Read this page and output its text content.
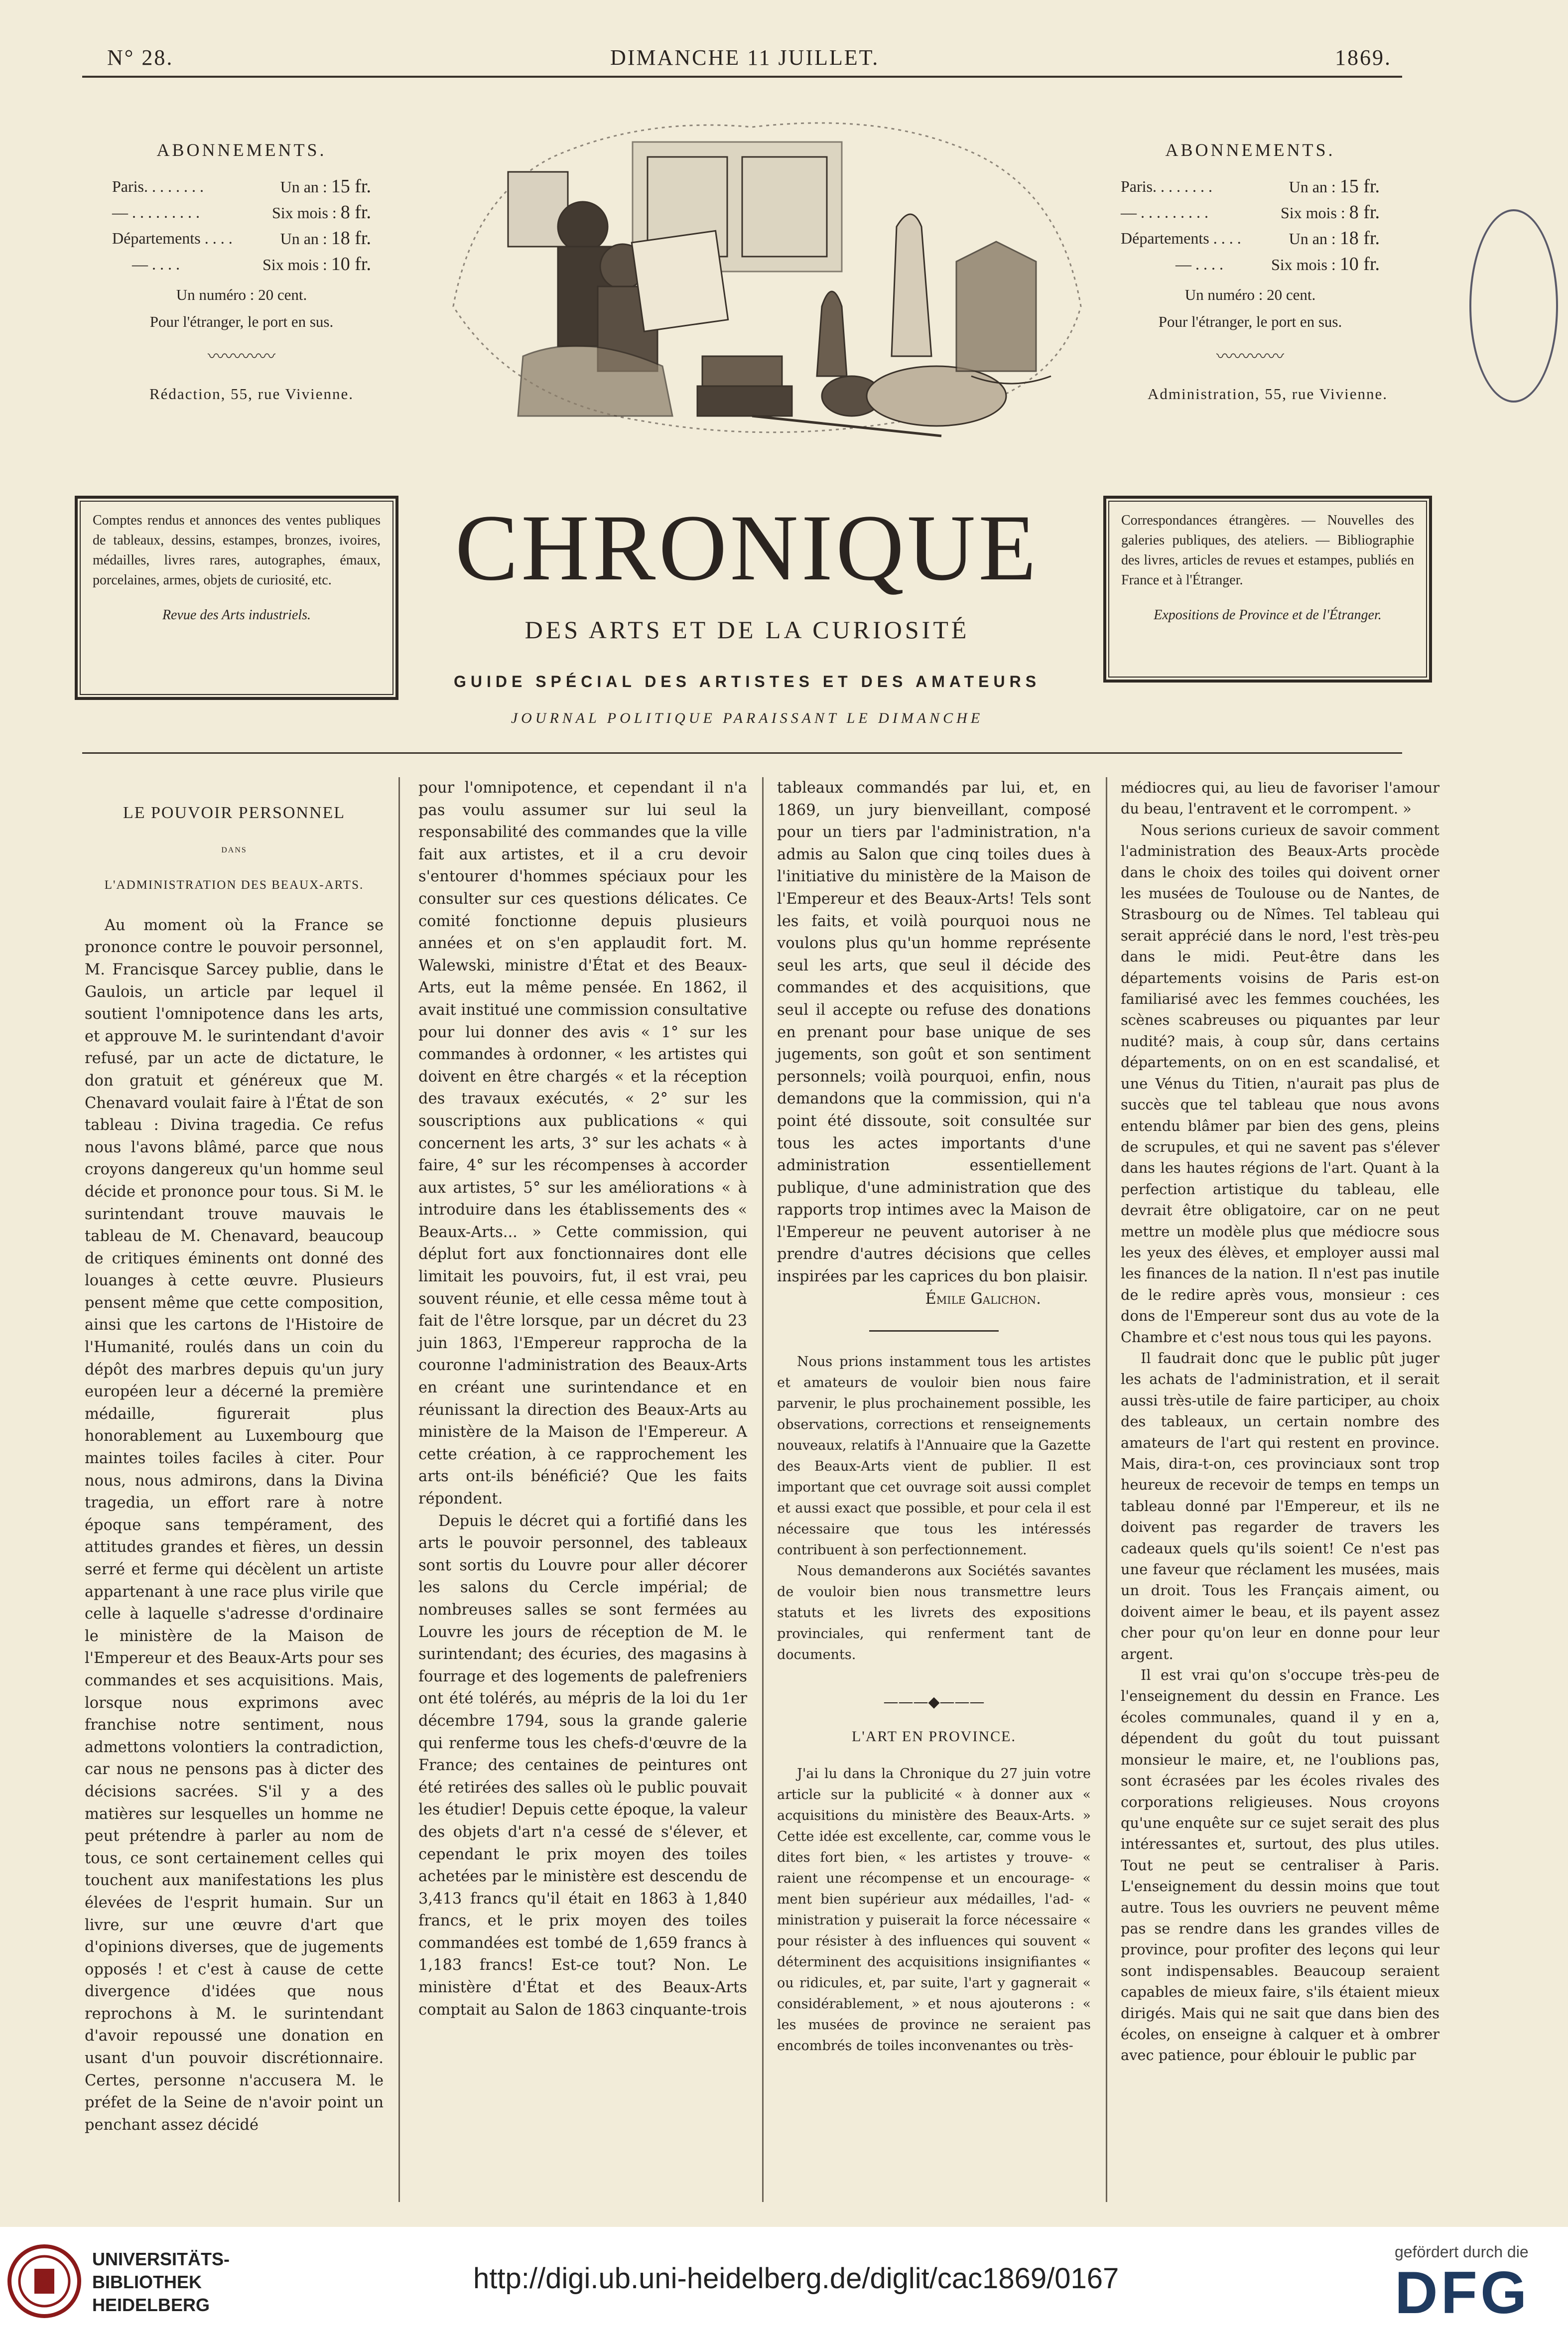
N° 28.	DIMANCHE 11 JUILLET.	1869.
ABONNEMENTS.
Paris. . . . . . . .	Un an : 15 fr.
— . . . . . . . . .	Six mois : 8 fr.
Départements . . . .	Un an : 18 fr.
— . . . .	Six mois : 10 fr.
Un numéro : 20 cent.
Pour l'étranger, le port en sus.
〰〰〰〰
Rédaction, 55, rue Vivienne.
ABONNEMENTS.
Paris. . . . . . . .	Un an : 15 fr.
— . . . . . . . . .	Six mois : 8 fr.
Départements . . . .	Un an : 18 fr.
— . . . .	Six mois : 10 fr.
Un numéro : 20 cent.
Pour l'étranger, le port en sus.
〰〰〰〰
Administration, 55, rue Vivienne.
Comptes rendus et annonces des ventes publiques de tableaux, dessins, estampes, bronzes, ivoires, médailles, livres rares, autographes, émaux, porcelaines, armes, objets de curiosité, etc.
Revue des Arts industriels.
Correspondances étrangères. — Nouvelles des galeries publiques, des ateliers. — Bibliographie des livres, articles de revues et estampes, publiés en France et à l'Étranger.
Expositions de Province et de l'Étranger.
CHRONIQUE
DES ARTS ET DE LA CURIOSITÉ
GUIDE SPÉCIAL DES ARTISTES ET DES AMATEURS
JOURNAL POLITIQUE PARAISSANT LE DIMANCHE

LE POUVOIR PERSONNEL

DANS

L'ADMINISTRATION DES BEAUX-ARTS.

Au moment où la France se prononce contre le pouvoir personnel, M. Francisque Sarcey publie, dans le Gaulois, un article par lequel il soutient l'omnipotence dans les arts, et approuve M. le surintendant d'avoir refusé, par un acte de dictature, le don gratuit et généreux que M. Chenavard voulait faire à l'État de son tableau : Divina tragedia. Ce refus nous l'avons blâmé, parce que nous croyons dangereux qu'un homme seul décide et prononce pour tous. Si M. le surintendant trouve mauvais le tableau de M. Chenavard, beaucoup de critiques éminents ont donné des louanges à cette œuvre. Plusieurs pensent même que cette composition, ainsi que les cartons de l'Histoire de l'Humanité, roulés dans un coin du dépôt des marbres depuis qu'un jury européen leur a décerné la première médaille, figurerait plus honorablement au Luxembourg que maintes toiles faciles à citer. Pour nous, nous admirons, dans la Divina tragedia, un effort rare à notre époque sans tempérament, des attitudes grandes et fières, un dessin serré et ferme qui décèlent un artiste appartenant à une race plus virile que celle à laquelle s'adresse d'ordinaire le ministère de la Maison de l'Empereur et des Beaux-Arts pour ses commandes et ses acquisitions. Mais, lorsque nous exprimons avec franchise notre sentiment, nous admettons volontiers la contradiction, car nous ne pensons pas à dicter des décisions sacrées. S'il y a des matières sur lesquelles un homme ne peut prétendre à parler au nom de tous, ce sont certainement celles qui touchent aux manifestations les plus élevées de l'esprit humain. Sur un livre, sur une œuvre d'art que d'opinions diverses, que de jugements opposés ! et c'est à cause de cette divergence d'idées que nous reprochons à M. le surintendant d'avoir repoussé une donation en usant d'un pouvoir discrétionnaire. Certes, personne n'accusera M. le préfet de la Seine de n'avoir point un penchant assez décidé

pour l'omnipotence, et cependant il n'a pas voulu assumer sur lui seul la responsabilité des commandes que la ville fait aux artistes, et il a cru devoir s'entourer d'hommes spéciaux pour les consulter sur ces questions délicates. Ce comité fonctionne depuis plusieurs années et on s'en applaudit fort. M. Walewski, ministre d'État et des Beaux-Arts, eut la même pensée. En 1862, il avait institué une commission consultative pour lui donner des avis « 1° sur les commandes à ordonner, « les artistes qui doivent en être chargés « et la réception des travaux exécutés, « 2° sur les souscriptions aux publications « qui concernent les arts, 3° sur les achats « à faire, 4° sur les récompenses à accorder aux artistes, 5° sur les améliorations « à introduire dans les établissements des « Beaux-Arts... » Cette commission, qui déplut fort aux fonctionnaires dont elle limitait les pouvoirs, fut, il est vrai, peu souvent réunie, et elle cessa même tout à fait de l'être lorsque, par un décret du 23 juin 1863, l'Empereur rapprocha de la couronne l'administration des Beaux-Arts en créant une surintendance et en réunissant la direction des Beaux-Arts au ministère de la Maison de l'Empereur. A cette création, à ce rapprochement les arts ont-ils bénéficié? Que les faits répondent.

Depuis le décret qui a fortifié dans les arts le pouvoir personnel, des tableaux sont sortis du Louvre pour aller décorer les salons du Cercle impérial; de nombreuses salles se sont fermées au Louvre les jours de réception de M. le surintendant; des écuries, des magasins à fourrage et des logements de palefreniers ont été tolérés, au mépris de la loi du 1er décembre 1794, sous la grande galerie qui renferme tous les chefs-d'œuvre de la France; des centaines de peintures ont été retirées des salles où le public pouvait les étudier! Depuis cette époque, la valeur des objets d'art n'a cessé de s'élever, et cependant le prix moyen des toiles achetées par le ministère est descendu de 3,413 francs qu'il était en 1863 à 1,840 francs, et le prix moyen des toiles commandées est tombé de 1,659 francs à 1,183 francs! Est-ce tout? Non. Le ministère d'État et des Beaux-Arts comptait au Salon de 1863 cinquante-trois

tableaux commandés par lui, et, en 1869, un jury bienveillant, composé pour un tiers par l'administration, n'a admis au Salon que cinq toiles dues à l'initiative du ministère de la Maison de l'Empereur et des Beaux-Arts! Tels sont les faits, et voilà pourquoi nous ne voulons plus qu'un homme représente seul les arts, que seul il décide des commandes et des acquisitions, que seul il accepte ou refuse des donations en prenant pour base unique de ses jugements, son goût et son sentiment personnels; voilà pourquoi, enfin, nous demandons que la commission, qui n'a point été dissoute, soit consultée sur tous les actes importants d'une administration essentiellement publique, d'une administration que des rapports trop intimes avec la Maison de l'Empereur ne peuvent autoriser à ne prendre d'autres décisions que celles inspirées par les caprices du bon plaisir.

Émile Galichon.

Nous prions instamment tous les artistes et amateurs de vouloir bien nous faire parvenir, le plus prochainement possible, les observations, corrections et renseignements nouveaux, relatifs à l'Annuaire que la Gazette des Beaux-Arts vient de publier. Il est important que cet ouvrage soit aussi complet et aussi exact que possible, et pour cela il est nécessaire que tous les intéressés contribuent à son perfectionnement.

Nous demanderons aux Sociétés savantes de vouloir bien nous transmettre leurs statuts et les livrets des expositions provinciales, qui renferment tant de documents.

———◆———

L'ART EN PROVINCE.

J'ai lu dans la Chronique du 27 juin votre article sur la publicité « à donner aux « acquisitions du ministère des Beaux-Arts. » Cette idée est excellente, car, comme vous le dites fort bien, « les artistes y trouve- « raient une récompense et un encourage- « ment bien supérieur aux médailles, l'ad- « ministration y puiserait la force nécessaire « pour résister à des influences qui souvent « déterminent des acquisitions insignifiantes « ou ridicules, et, par suite, l'art y gagnerait « considérablement, » et nous ajouterons : « les musées de province ne seraient pas encombrés de toiles inconvenantes ou très-

médiocres qui, au lieu de favoriser l'amour du beau, l'entravent et le corrompent. »

Nous serions curieux de savoir comment l'administration des Beaux-Arts procède dans le choix des toiles qui doivent orner les musées de Toulouse ou de Nantes, de Strasbourg ou de Nîmes. Tel tableau qui serait apprécié dans le nord, l'est très-peu dans le midi. Peut-être dans les départements voisins de Paris est-on familiarisé avec les femmes couchées, les scènes scabreuses ou piquantes par leur nudité? mais, à coup sûr, dans certains départements, on on en est scandalisé, et une Vénus du Titien, n'aurait pas plus de succès que tel tableau que nous avons entendu blâmer par bien des gens, pleins de scrupules, et qui ne savent pas s'élever dans les hautes régions de l'art. Quant à la perfection artistique du tableau, elle devrait être obligatoire, car on ne peut mettre un modèle plus que médiocre sous les yeux des élèves, et employer aussi mal les finances de la nation. Il n'est pas inutile de le redire après vous, monsieur : ces dons de l'Empereur sont dus au vote de la Chambre et c'est nous tous qui les payons.

Il faudrait donc que le public pût juger les achats de l'administration, et il serait aussi très-utile de faire participer, au choix des tableaux, un certain nombre des amateurs de l'art qui restent en province. Mais, dira-t-on, ces provinciaux sont trop heureux de recevoir de temps en temps un tableau donné par l'Empereur, et ils ne doivent pas regarder de travers les cadeaux quels qu'ils soient! Ce n'est pas une faveur que réclament les musées, mais un droit. Tous les Français aiment, ou doivent aimer le beau, et ils payent assez cher pour qu'on leur en donne pour leur argent.

Il est vrai qu'on s'occupe très-peu de l'enseignement du dessin en France. Les écoles communales, quand il y en a, dépendent du goût du tout puissant monsieur le maire, et, ne l'oublions pas, sont écrasées par les écoles rivales des corporations religieuses. Nous croyons qu'une enquête sur ce sujet serait des plus intéressantes et, surtout, des plus utiles. Tout ne peut se centraliser à Paris. L'enseignement du dessin moins que tout autre. Tous les ouvriers ne peuvent même pas se rendre dans les grandes villes de province, pour profiter des leçons qui leur sont indispensables. Beaucoup seraient capables de mieux faire, s'ils étaient mieux dirigés. Mais qui ne sait que dans bien des écoles, on enseigne à calquer et à ombrer avec patience, pour éblouir le public par

UNIVERSITÄTS-
BIBLIOTHEK
HEIDELBERG
http://digi.ub.uni-heidelberg.de/diglit/cac1869/0167
gefördert durch die
DFG
